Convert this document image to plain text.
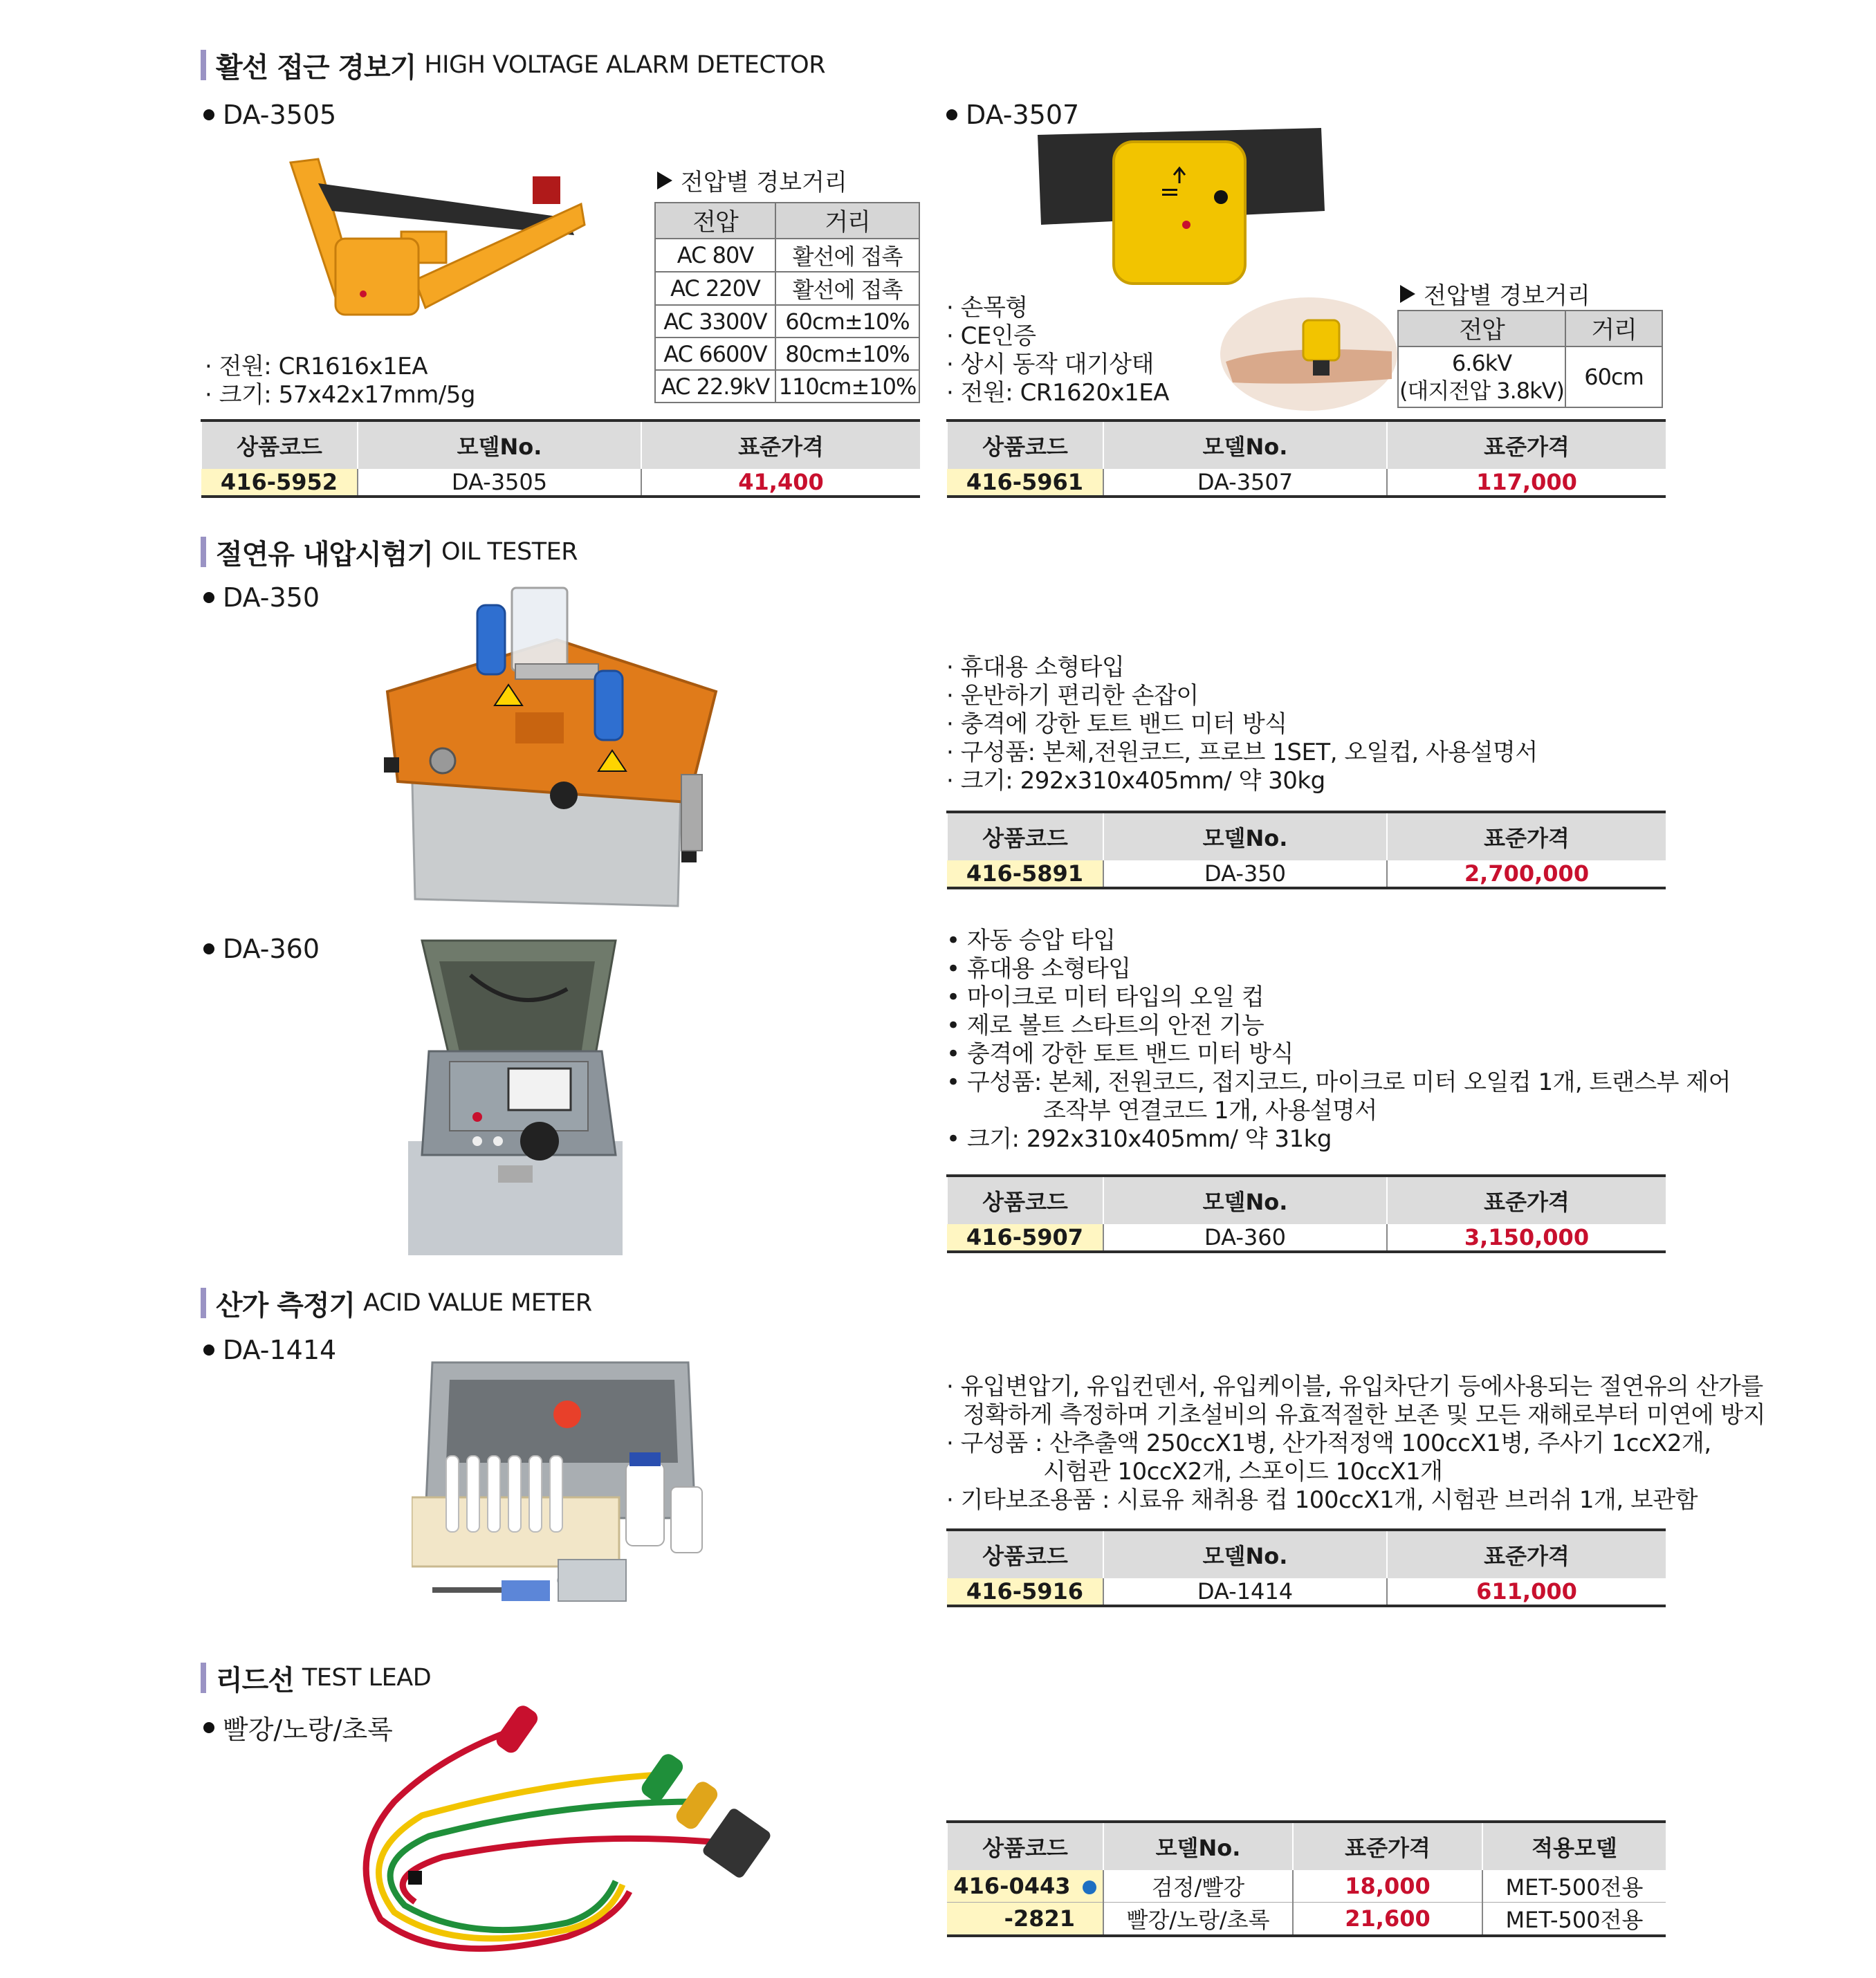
활선 접근 경보기 HIGH VOLTAGE ALARM DETECTOR
DA-3505
· 전원: CR1616x1EA
· 크기: 57x42x17mm/5g
전압별 경보거리
전압	거리
AC 80V	활선에 접촉
AC 220V	활선에 접촉
AC 3300V	60cm±10%
AC 6600V	80cm±10%
AC 22.9kV	110cm±10%
상품코드	모델No.	표준가격
416-5952	DA-3505	41,400
DA-3507
· 손목형
· CE인증
· 상시 동작 대기상태
· 전원: CR1620x1EA
전압별 경보거리
전압	거리

6.6kV
(대지전압 3.8kV)	60cm
상품코드	모델No.	표준가격
416-5961	DA-3507	117,000
절연유 내압시험기 OIL TESTER
DA-350
· 휴대용 소형타입
· 운반하기 편리한 손잡이
· 충격에 강한 토트 밴드 미터 방식
· 구성품: 본체,전원코드, 프로브 1SET, 오일컵, 사용설명서
· 크기: 292x310x405mm/ 약 30kg
상품코드	모델No.	표준가격
416-5891	DA-350	2,700,000
DA-360	• 자동 승압 타입
• 휴대용 소형타입
• 마이크로 미터 타입의 오일 컵
• 제로 볼트 스타트의 안전 기능
• 충격에 강한 토트 밴드 미터 방식
• 구성품: 본체, 전원코드, 접지코드, 마이크로 미터 오일컵 1개, 트랜스부 제어
조작부 연결코드 1개, 사용설명서
• 크기: 292x310x405mm/ 약 31kg
상품코드	모델No.	표준가격
416-5907	DA-360	3,150,000
산가 측정기 ACID VALUE METER
DA-1414
· 유입변압기, 유입컨덴서, 유입케이블, 유입차단기 등에사용되는 절연유의 산가를
정확하게 측정하며 기초설비의 유효적절한 보존 및 모든 재해로부터 미연에 방지
· 구성품 : 산추출액 250ccX1병, 산가적정액 100ccX1병, 주사기 1ccX2개,
시험관 10ccX2개, 스포이드 10ccX1개
· 기타보조용품 : 시료유 채취용 컵 100ccX1개, 시험관 브러쉬 1개, 보관함
상품코드	모델No.	표준가격
416-5916	DA-1414	611,000
리드선 TEST LEAD
빨강/노랑/초록
상품코드	모델No.	표준가격	적용모델
416-0443	검정/빨강	18,000	MET-500전용
-2821	빨강/노랑/초록	21,600	MET-500전용
